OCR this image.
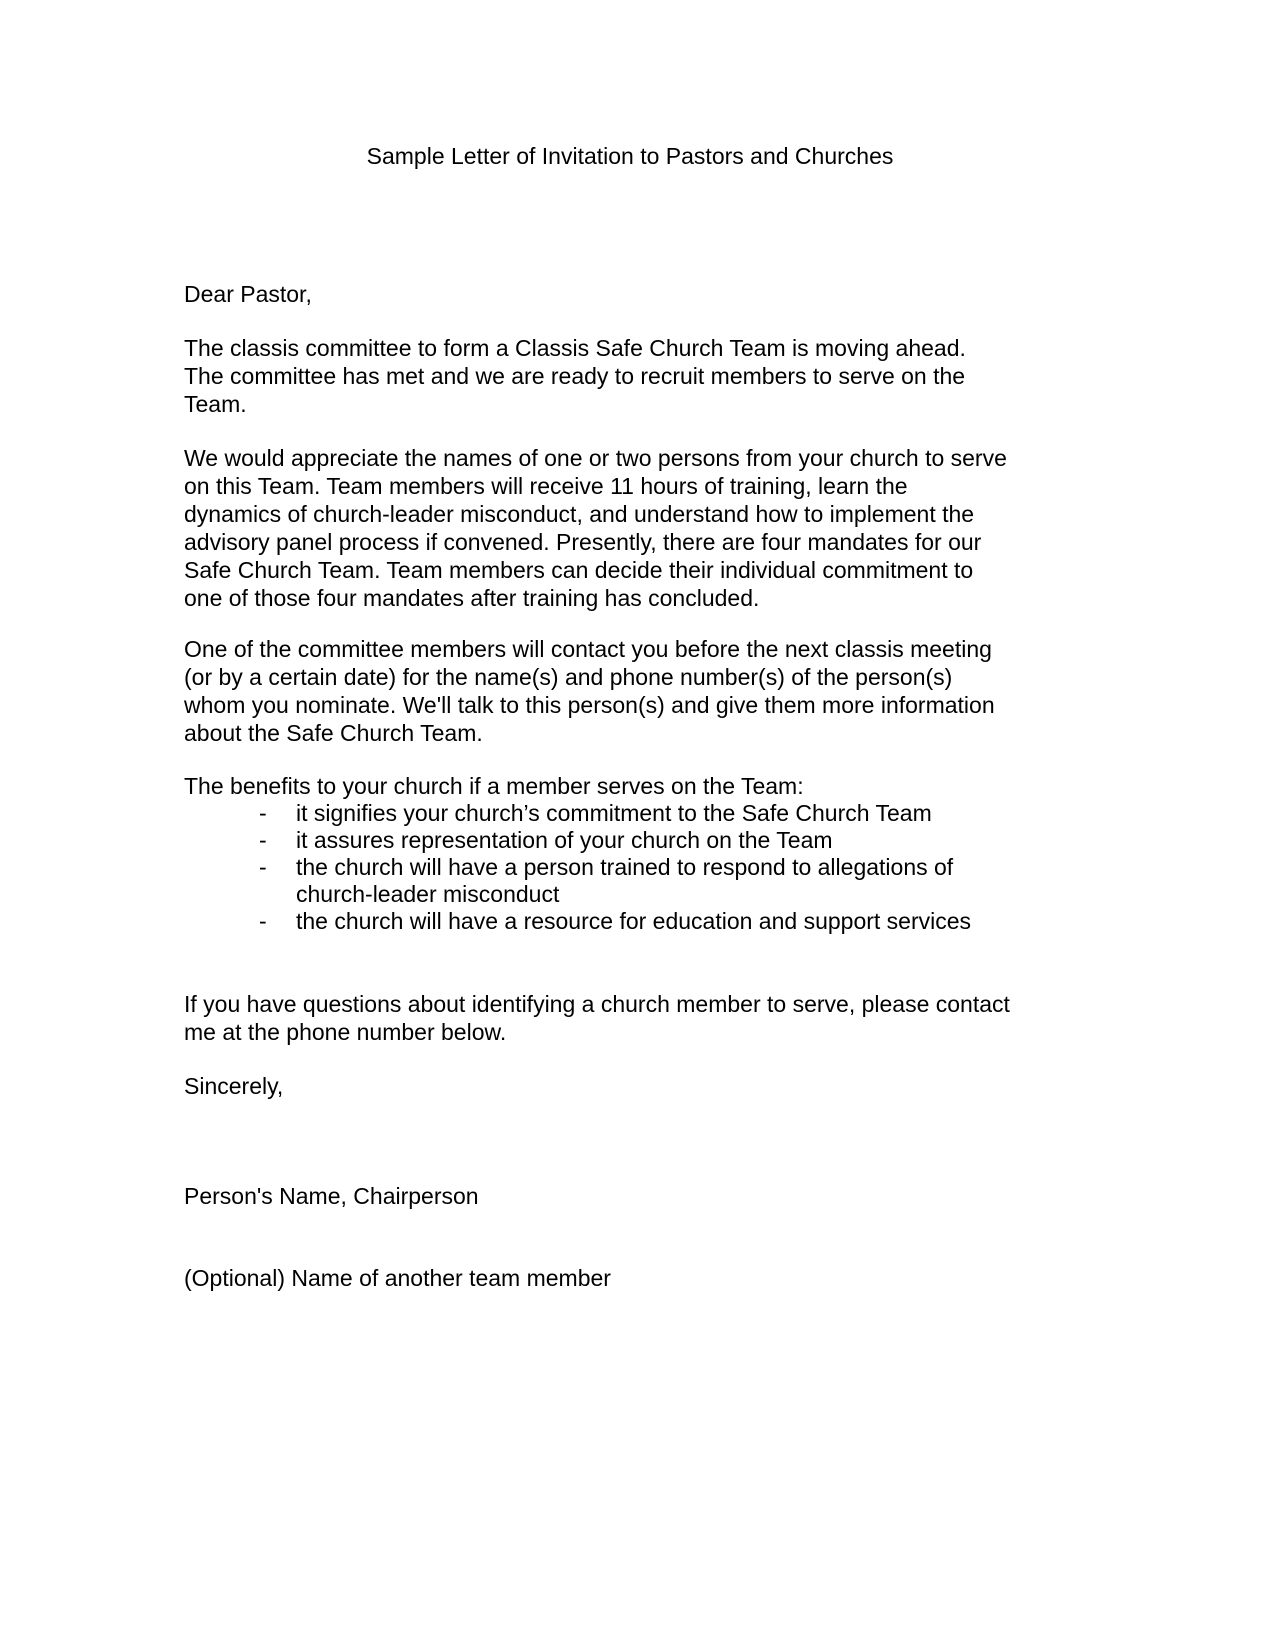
Sample Letter of Invitation to Pastors and Churches
Dear Pastor,
The classis committee to form a Classis Safe Church Team is moving ahead.
The committee has met and we are ready to recruit members to serve on the
Team.
We would appreciate the names of one or two persons from your church to serve
on this Team. Team members will receive 11 hours of training, learn the
dynamics of church-leader misconduct, and understand how to implement the
advisory panel process if convened. Presently, there are four mandates for our
Safe Church Team. Team members can decide their individual commitment to
one of those four mandates after training has concluded.
One of the committee members will contact you before the next classis meeting
(or by a certain date) for the name(s) and phone number(s) of the person(s)
whom you nominate. We'll talk to this person(s) and give them more information
about the Safe Church Team.
The benefits to your church if a member serves on the Team:
- it signifies your church’s commitment to the Safe Church Team
- it assures representation of your church on the Team
- the church will have a person trained to respond to allegations of
church-leader misconduct
- the church will have a resource for education and support services
If you have questions about identifying a church member to serve, please contact
me at the phone number below.
Sincerely,
Person's Name, Chairperson
(Optional) Name of another team member
